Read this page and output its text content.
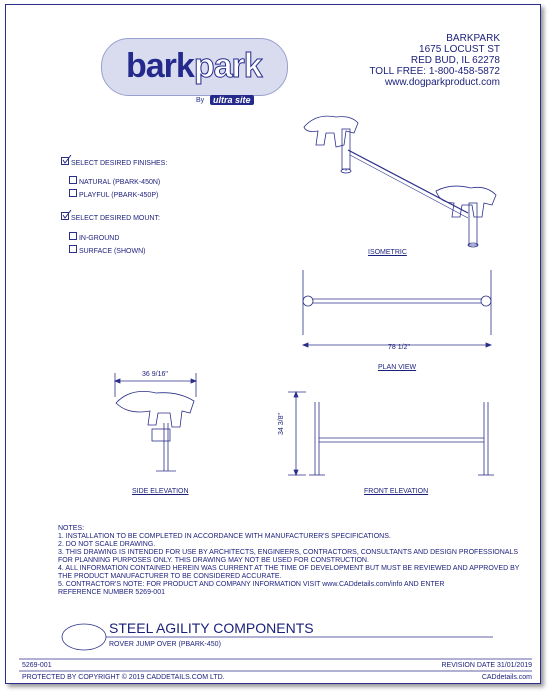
barkpark
By ultra site
BARKPARK
1675 LOCUST ST
RED BUD, IL 62278
TOLL FREE: 1-800-458-5872
www.dogparkproduct.com
SELECT DESIRED FINISHES:
NATURAL (PBARK-450N)
PLAYFUL (PBARK-450P)
SELECT DESIRED MOUNT:
IN-GROUND
SURFACE (SHOWN)	ISOMETRIC
78 1/2"
PLAN VIEW
36 9/16"
34 3/8"
SIDE ELEVATION	FRONT ELEVATION
NOTES:
1. INSTALLATION TO BE COMPLETED IN ACCORDANCE WITH MANUFACTURER'S SPECIFICATIONS.
2. DO NOT SCALE DRAWING.
3. THIS DRAWING IS INTENDED FOR USE BY ARCHITECTS, ENGINEERS, CONTRACTORS, CONSULTANTS AND DESIGN PROFESSIONALS
FOR PLANNING PURPOSES ONLY. THIS DRAWING MAY NOT BE USED FOR CONSTRUCTION.
4. ALL INFORMATION CONTAINED HEREIN WAS CURRENT AT THE TIME OF DEVELOPMENT BUT MUST BE REVIEWED AND APPROVED BY
THE PRODUCT MANUFACTURER TO BE CONSIDERED ACCURATE.
5. CONTRACTOR'S NOTE: FOR PRODUCT AND COMPANY INFORMATION VISIT www.CADdetails.com/info AND ENTER
REFERENCE NUMBER 5269-001
STEEL AGILITY COMPONENTS
ROVER JUMP OVER (PBARK-450)
5269-001	REVISION DATE 31/01/2019
PROTECTED BY COPYRIGHT © 2019 CADDETAILS.COM LTD.	CADdetails.com
